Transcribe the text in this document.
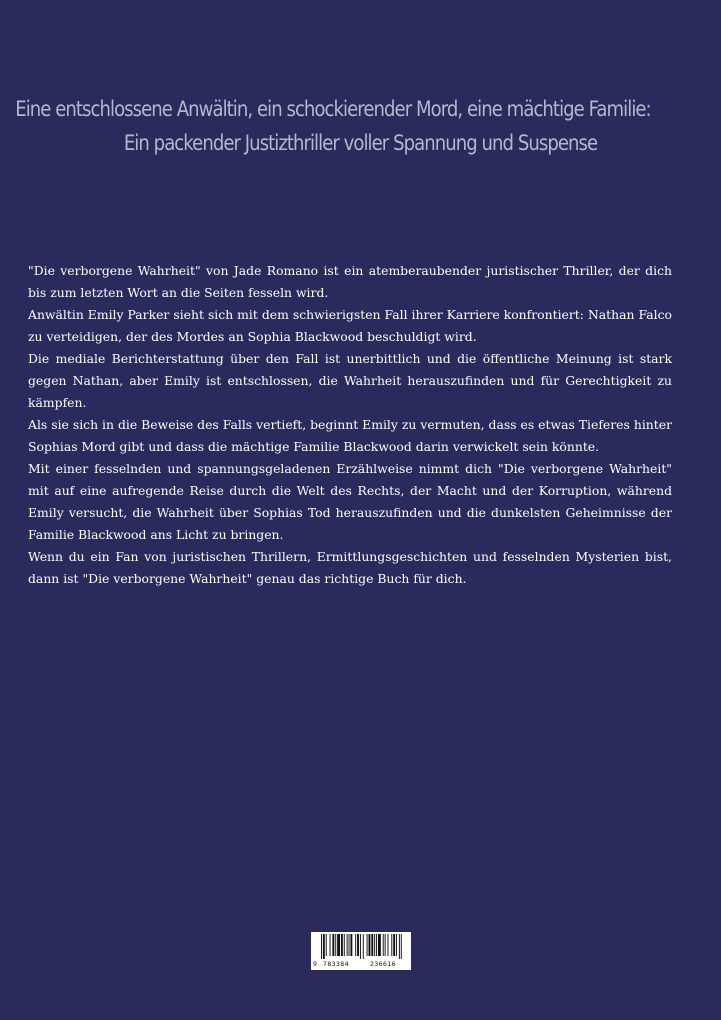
Eine entschlossene Anwältin, ein schockierender Mord, eine mächtige Familie:
Ein packender Justizthriller voller Spannung und Suspense

"Die verborgene Wahrheit" von Jade Romano ist ein atemberaubender juristischer Thriller, der dich bis zum letzten Wort an die Seiten fesseln wird.

Anwältin Emily Parker sieht sich mit dem schwierigsten Fall ihrer Karriere konfrontiert: Nathan Falco zu verteidigen, der des Mordes an Sophia Blackwood beschuldigt wird.

Die mediale Berichterstattung über den Fall ist unerbittlich und die öffentliche Meinung ist stark gegen Nathan, aber Emily ist entschlossen, die Wahrheit herauszufinden und für Gerechtigkeit zu kämpfen.

Als sie sich in die Beweise des Falls vertieft, beginnt Emily zu vermuten, dass es etwas Tieferes hinter Sophias Mord gibt und dass die mächtige Familie Blackwood darin verwickelt sein könnte.

Mit einer fesselnden und spannungsgeladenen Erzählweise nimmt dich "Die verborgene Wahrheit" mit auf eine aufregende Reise durch die Welt des Rechts, der Macht und der Korruption, während Emily versucht, die Wahrheit über Sophias Tod herauszufinden und die dunkelsten Geheimnisse der Familie Blackwood ans Licht zu bringen.

Wenn du ein Fan von juristischen Thrillern, Ermittlungsgeschichten und fesselnden Mysterien bist, dann ist "Die verborgene Wahrheit" genau das richtige Buch für dich.

9 783384	236616
